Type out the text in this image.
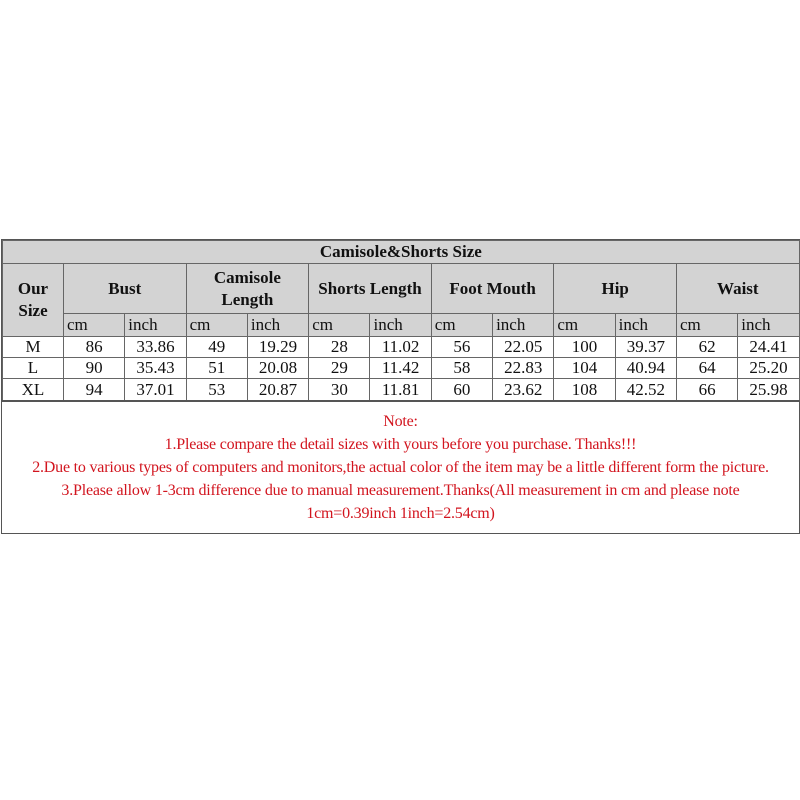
Camisole&Shorts Size												
Our Size	Bust		Camisole Length		Shorts Length		Foot Mouth		Hip		Waist	
	cm	inch	cm	inch	cm	inch	cm	inch	cm	inch	cm	inch
M	86	33.86	49	19.29	28	11.02	56	22.05	100	39.37	62	24.41
L	90	35.43	51	20.08	29	11.42	58	22.83	104	40.94	64	25.20
XL	94	37.01	53	20.87	30	11.81	60	23.62	108	42.52	66	25.98
Note:
1.Please compare the detail sizes with yours before you purchase. Thanks!!!
2.Due to various types of computers and monitors,the actual color of the item may be a little different form the picture.
3.Please allow 1-3cm difference due to manual measurement.Thanks(All measurement in cm and please note 1cm=0.39inch 1inch=2.54cm)
